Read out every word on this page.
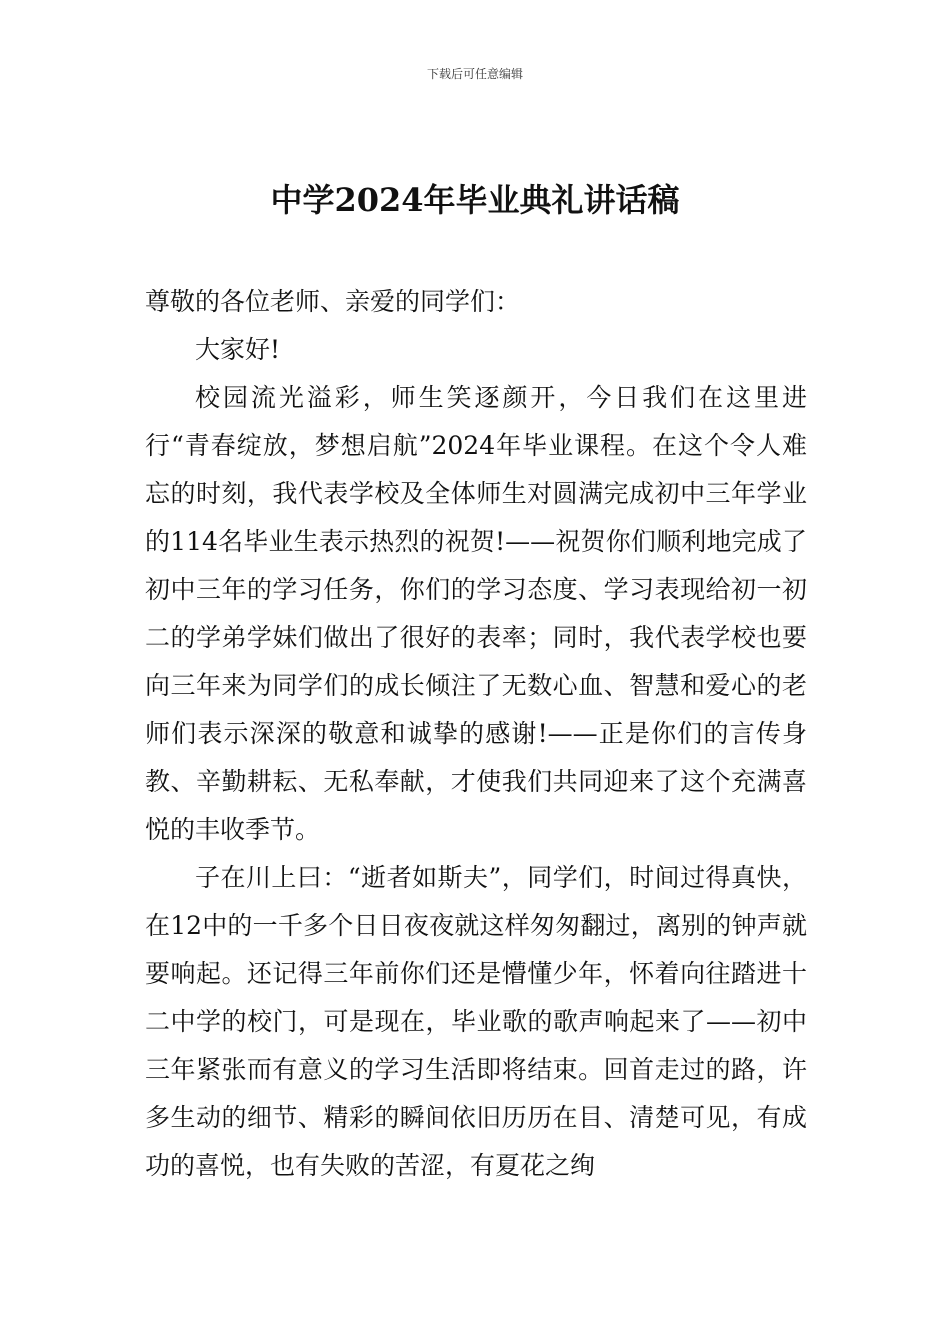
下载后可任意编辑
中学2024年毕业典礼讲话稿

尊敬的各位老师、亲爱的同学们：

大家好!

校园流光溢彩，师生笑逐颜开，今日我们在这里进行“青春绽放，梦想启航”2024年毕业课程。在这个令人难忘的时刻，我代表学校及全体师生对圆满完成初中三年学业的114名毕业生表示热烈的祝贺!——祝贺你们顺利地完成了初中三年的学习任务，你们的学习态度、学习表现给初一初二的学弟学妹们做出了很好的表率；同时，我代表学校也要向三年来为同学们的成长倾注了无数心血、智慧和爱心的老师们表示深深的敬意和诚挚的感谢!——正是你们的言传身教、辛勤耕耘、无私奉献，才使我们共同迎来了这个充满喜悦的丰收季节。

子在川上曰：“逝者如斯夫”，同学们，时间过得真快，在12中的一千多个日日夜夜就这样匆匆翻过，离别的钟声就要响起。还记得三年前你们还是懵懂少年，怀着向往踏进十二中学的校门，可是现在，毕业歌的歌声响起来了——初中三年紧张而有意义的学习生活即将结束。回首走过的路，许多生动的细节、精彩的瞬间依旧历历在目、清楚可见，有成功的喜悦，也有失败的苦涩，有夏花之绚
